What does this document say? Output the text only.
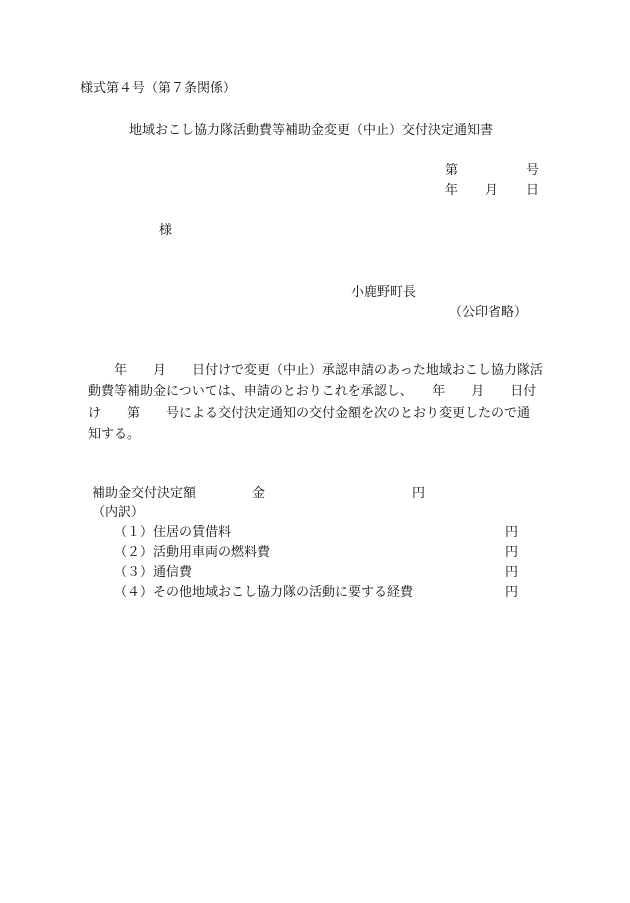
様式第４号（第７条関係）
地域おこし協力隊活動費等補助金変更（中止）交付決定通知書
第	号
年 月 日
様
小鹿野町長
（公印省略）
　　年　　月　　日付けで変更（中止）承認申請のあった地域おこし協力隊活
動費等補助金については、申請のとおりこれを承認し、　　年　　月　　日付
け　　第　　号による交付決定通知の交付金額を次のとおり変更したので通
知する。
補助金交付決定額	金	円
（内訳）
（１）住居の賃借料	円
（２）活動用車両の燃料費	円
（３）通信費	円
（４）その他地域おこし協力隊の活動に要する経費	円
